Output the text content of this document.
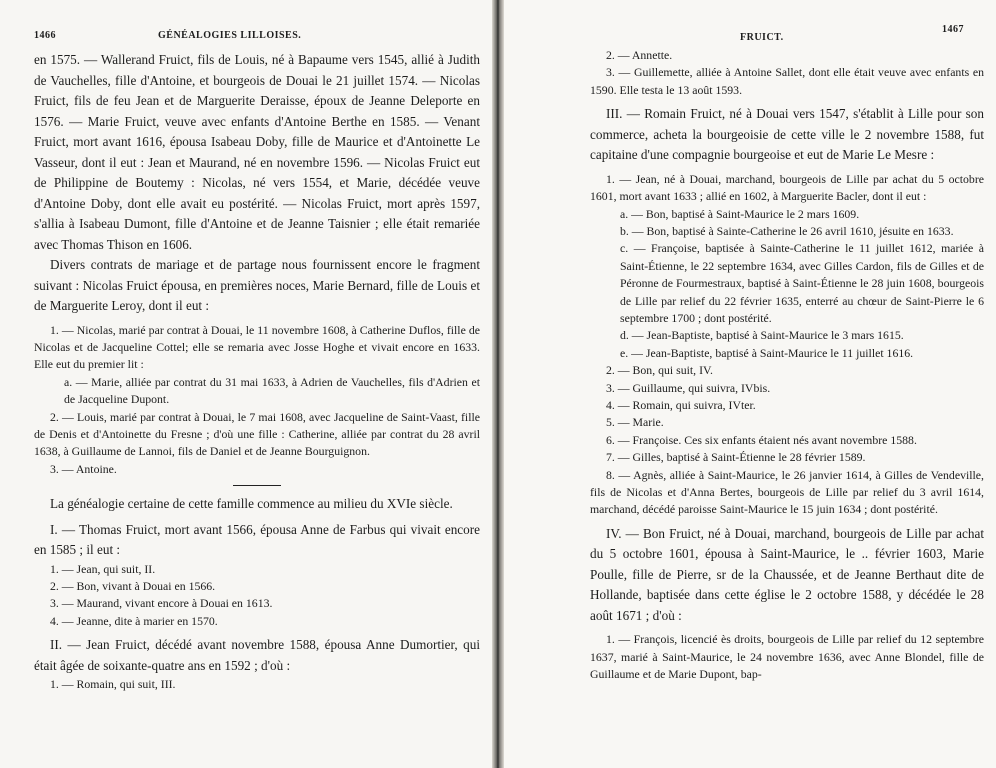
1466	GÉNÉALOGIES LILLOISES.

en 1575. — Wallerand Fruict, fils de Louis, né à Bapaume vers 1545, allié à Judith de Vauchelles, fille d'Antoine, et bourgeois de Douai le 21 juillet 1574. — Nicolas Fruict, fils de feu Jean et de Marguerite Deraisse, époux de Jeanne Deleporte en 1576. — Marie Fruict, veuve avec enfants d'Antoine Berthe en 1585. — Venant Fruict, mort avant 1616, épousa Isabeau Doby, fille de Maurice et d'Antoinette Le Vasseur, dont il eut : Jean et Maurand, né en novembre 1596. — Nicolas Fruict eut de Philippine de Boutemy : Nicolas, né vers 1554, et Marie, décédée veuve d'Antoine Doby, dont elle avait eu postérité. — Nicolas Fruict, mort après 1597, s'allia à Isabeau Dumont, fille d'Antoine et de Jeanne Taisnier ; elle était remariée avec Thomas Thison en 1606.

Divers contrats de mariage et de partage nous fournissent encore le fragment suivant : Nicolas Fruict épousa, en premières noces, Marie Bernard, fille de Louis et de Marguerite Leroy, dont il eut :

1. — Nicolas, marié par contrat à Douai, le 11 novembre 1608, à Catherine Duflos, fille de Nicolas et de Jacqueline Cottel; elle se remaria avec Josse Hoghe et vivait encore en 1633. Elle eut du premier lit :

a. — Marie, alliée par contrat du 31 mai 1633, à Adrien de Vauchelles, fils d'Adrien et de Jacqueline Dupont.

2. — Louis, marié par contrat à Douai, le 7 mai 1608, avec Jacqueline de Saint-Vaast, fille de Denis et d'Antoinette du Fresne ; d'où une fille : Catherine, alliée par contrat du 28 avril 1638, à Guillaume de Lannoi, fils de Daniel et de Jeanne Bourguignon.

3. — Antoine.

La généalogie certaine de cette famille commence au milieu du XVIe siècle.

I. — Thomas Fruict, mort avant 1566, épousa Anne de Farbus qui vivait encore en 1585 ; il eut :

1. — Jean, qui suit, II.

2. — Bon, vivant à Douai en 1566.

3. — Maurand, vivant encore à Douai en 1613.

4. — Jeanne, dite à marier en 1570.

II. — Jean Fruict, décédé avant novembre 1588, épousa Anne Dumortier, qui était âgée de soixante-quatre ans en 1592 ; d'où :

1. — Romain, qui suit, III.

FRUICT.
1467

2. — Annette.

3. — Guillemette, alliée à Antoine Sallet, dont elle était veuve avec enfants en 1590. Elle testa le 13 août 1593.

III. — Romain Fruict, né à Douai vers 1547, s'établit à Lille pour son commerce, acheta la bourgeoisie de cette ville le 2 novembre 1588, fut capitaine d'une compagnie bourgeoise et eut de Marie Le Mesre :

1. — Jean, né à Douai, marchand, bourgeois de Lille par achat du 5 octobre 1601, mort avant 1633 ; allié en 1602, à Marguerite Bacler, dont il eut :

a. — Bon, baptisé à Saint-Maurice le 2 mars 1609.

b. — Bon, baptisé à Sainte-Catherine le 26 avril 1610, jésuite en 1633.

c. — Françoise, baptisée à Sainte-Catherine le 11 juillet 1612, mariée à Saint-Étienne, le 22 septembre 1634, avec Gilles Cardon, fils de Gilles et de Péronne de Fourmestraux, baptisé à Saint-Étienne le 28 juin 1608, bourgeois de Lille par relief du 22 février 1635, enterré au chœur de Saint-Pierre le 6 septembre 1700 ; dont postérité.

d. — Jean-Baptiste, baptisé à Saint-Maurice le 3 mars 1615.

e. — Jean-Baptiste, baptisé à Saint-Maurice le 11 juillet 1616.

2. — Bon, qui suit, IV.

3. — Guillaume, qui suivra, IVbis.

4. — Romain, qui suivra, IVter.

5. — Marie.

6. — Françoise. Ces six enfants étaient nés avant novembre 1588.

7. — Gilles, baptisé à Saint-Étienne le 28 février 1589.

8. — Agnès, alliée à Saint-Maurice, le 26 janvier 1614, à Gilles de Vendeville, fils de Nicolas et d'Anna Bertes, bourgeois de Lille par relief du 3 avril 1614, marchand, décédé paroisse Saint-Maurice le 15 juin 1634 ; dont postérité.

IV. — Bon Fruict, né à Douai, marchand, bourgeois de Lille par achat du 5 octobre 1601, épousa à Saint-Maurice, le .. février 1603, Marie Poulle, fille de Pierre, sr de la Chaussée, et de Jeanne Berthaut dite de Hollande, baptisée dans cette église le 2 octobre 1588, y décédée le 28 août 1671 ; d'où :

1. — François, licencié ès droits, bourgeois de Lille par relief du 12 septembre 1637, marié à Saint-Maurice, le 24 novembre 1636, avec Anne Blondel, fille de Guillaume et de Marie Dupont, bap-
